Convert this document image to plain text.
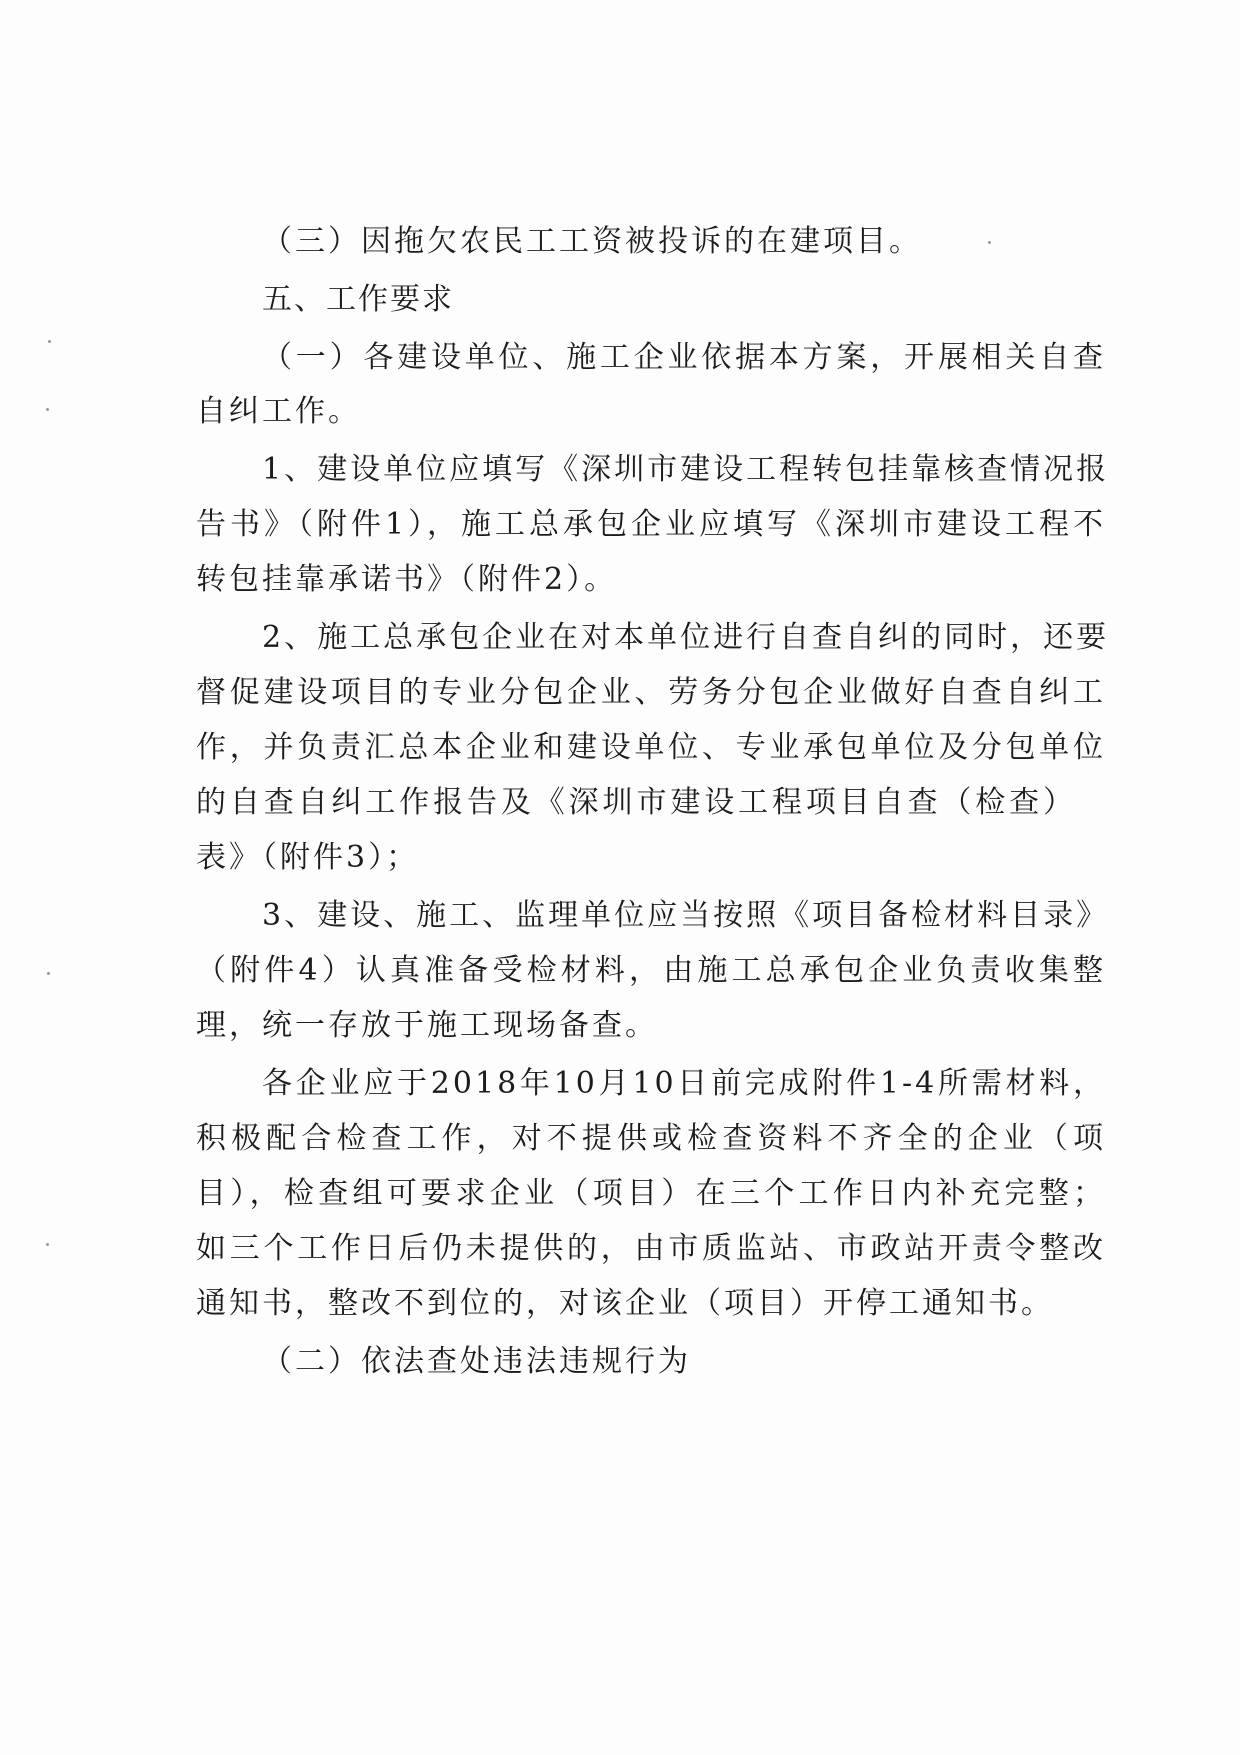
（三）因拖欠农民工工资被投诉的在建项目。

五、工作要求

（一）各建设单位、施工企业依据本方案，开展相关自查

自纠工作。

1、建设单位应填写《深圳市建设工程转包挂靠核查情况报

告书》（附件1），施工总承包企业应填写《深圳市建设工程不

转包挂靠承诺书》（附件2）。

2、施工总承包企业在对本单位进行自查自纠的同时，还要

督促建设项目的专业分包企业、劳务分包企业做好自查自纠工

作，并负责汇总本企业和建设单位、专业承包单位及分包单位

的自查自纠工作报告及《深圳市建设工程项目自查（检查）

表》（附件3）；

3、建设、施工、监理单位应当按照《项目备检材料目录》

（附件4）认真准备受检材料，由施工总承包企业负责收集整

理，统一存放于施工现场备查。

各企业应于2018年10月10日前完成附件1-4所需材料，

积极配合检查工作，对不提供或检查资料不齐全的企业（项

目），检查组可要求企业（项目）在三个工作日内补充完整；

如三个工作日后仍未提供的，由市质监站、市政站开责令整改

通知书，整改不到位的，对该企业（项目）开停工通知书。

（二）依法查处违法违规行为
